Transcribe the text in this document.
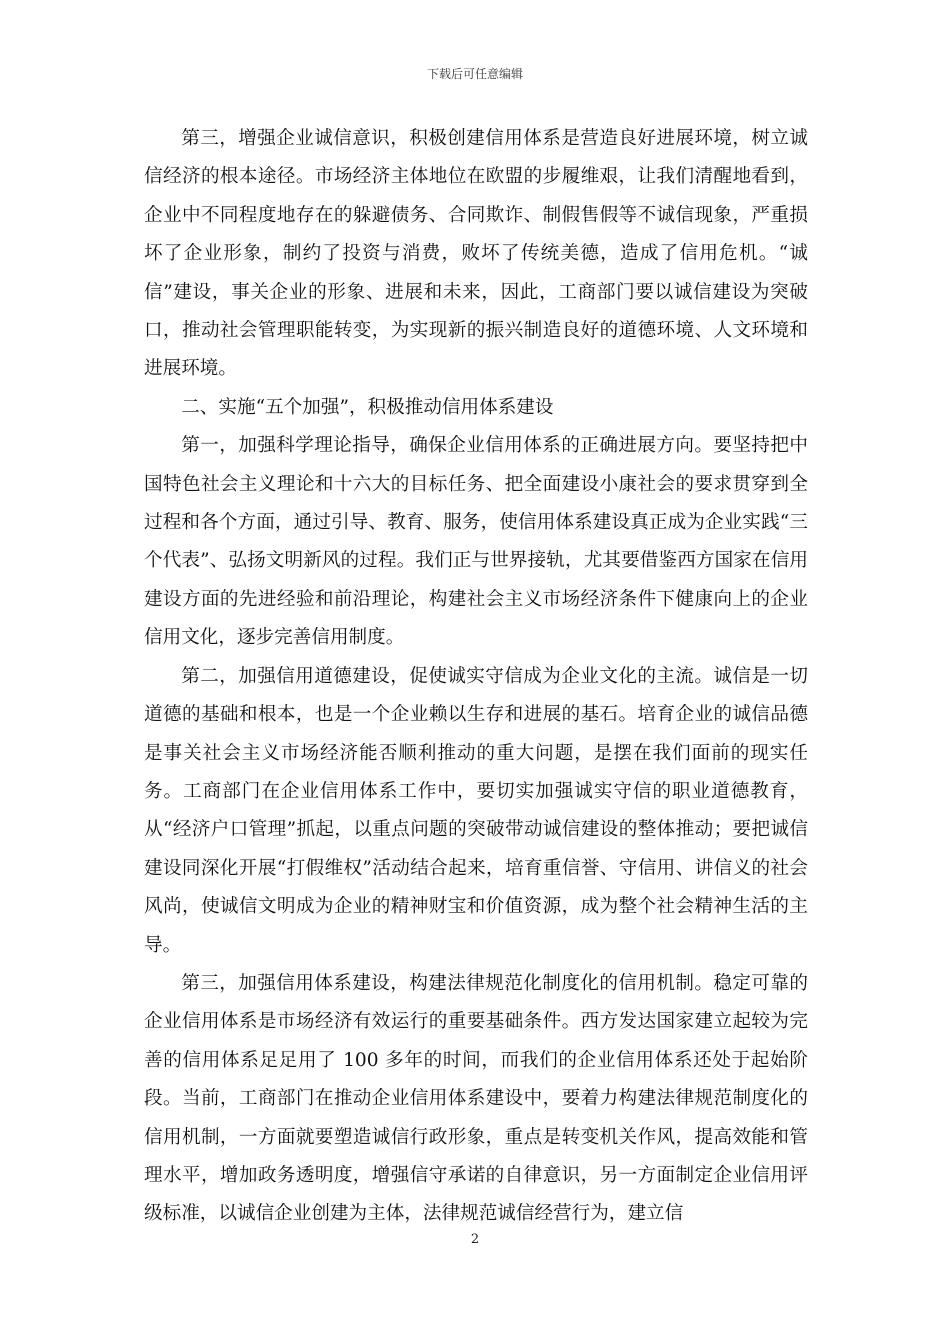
下载后可任意编辑

第三，增强企业诚信意识，积极创建信用体系是营造良好进展环境，树立诚信经济的根本途径。市场经济主体地位在欧盟的步履维艰，让我们清醒地看到，企业中不同程度地存在的躲避债务、合同欺诈、制假售假等不诚信现象，严重损坏了企业形象，制约了投资与消费，败坏了传统美德，造成了信用危机。“诚信”建设，事关企业的形象、进展和未来，因此，工商部门要以诚信建设为突破口，推动社会管理职能转变，为实现新的振兴制造良好的道德环境、人文环境和进展环境。

二、实施“五个加强”，积极推动信用体系建设

第一，加强科学理论指导，确保企业信用体系的正确进展方向。要坚持把中国特色社会主义理论和十六大的目标任务、把全面建设小康社会的要求贯穿到全过程和各个方面，通过引导、教育、服务，使信用体系建设真正成为企业实践“三个代表”、弘扬文明新风的过程。我们正与世界接轨，尤其要借鉴西方国家在信用建设方面的先进经验和前沿理论，构建社会主义市场经济条件下健康向上的企业信用文化，逐步完善信用制度。

第二，加强信用道德建设，促使诚实守信成为企业文化的主流。诚信是一切道德的基础和根本，也是一个企业赖以生存和进展的基石。培育企业的诚信品德是事关社会主义市场经济能否顺利推动的重大问题，是摆在我们面前的现实任务。工商部门在企业信用体系工作中，要切实加强诚实守信的职业道德教育，从“经济户口管理”抓起，以重点问题的突破带动诚信建设的整体推动；要把诚信建设同深化开展“打假维权”活动结合起来，培育重信誉、守信用、讲信义的社会风尚，使诚信文明成为企业的精神财宝和价值资源，成为整个社会精神生活的主导。

第三，加强信用体系建设，构建法律规范化制度化的信用机制。稳定可靠的企业信用体系是市场经济有效运行的重要基础条件。西方发达国家建立起较为完善的信用体系足足用了 100 多年的时间，而我们的企业信用体系还处于起始阶段。当前，工商部门在推动企业信用体系建设中，要着力构建法律规范制度化的信用机制，一方面就要塑造诚信行政形象，重点是转变机关作风，提高效能和管理水平，增加政务透明度，增强信守承诺的自律意识，另一方面制定企业信用评级标准，以诚信企业创建为主体，法律规范诚信经营行为，建立信

2
